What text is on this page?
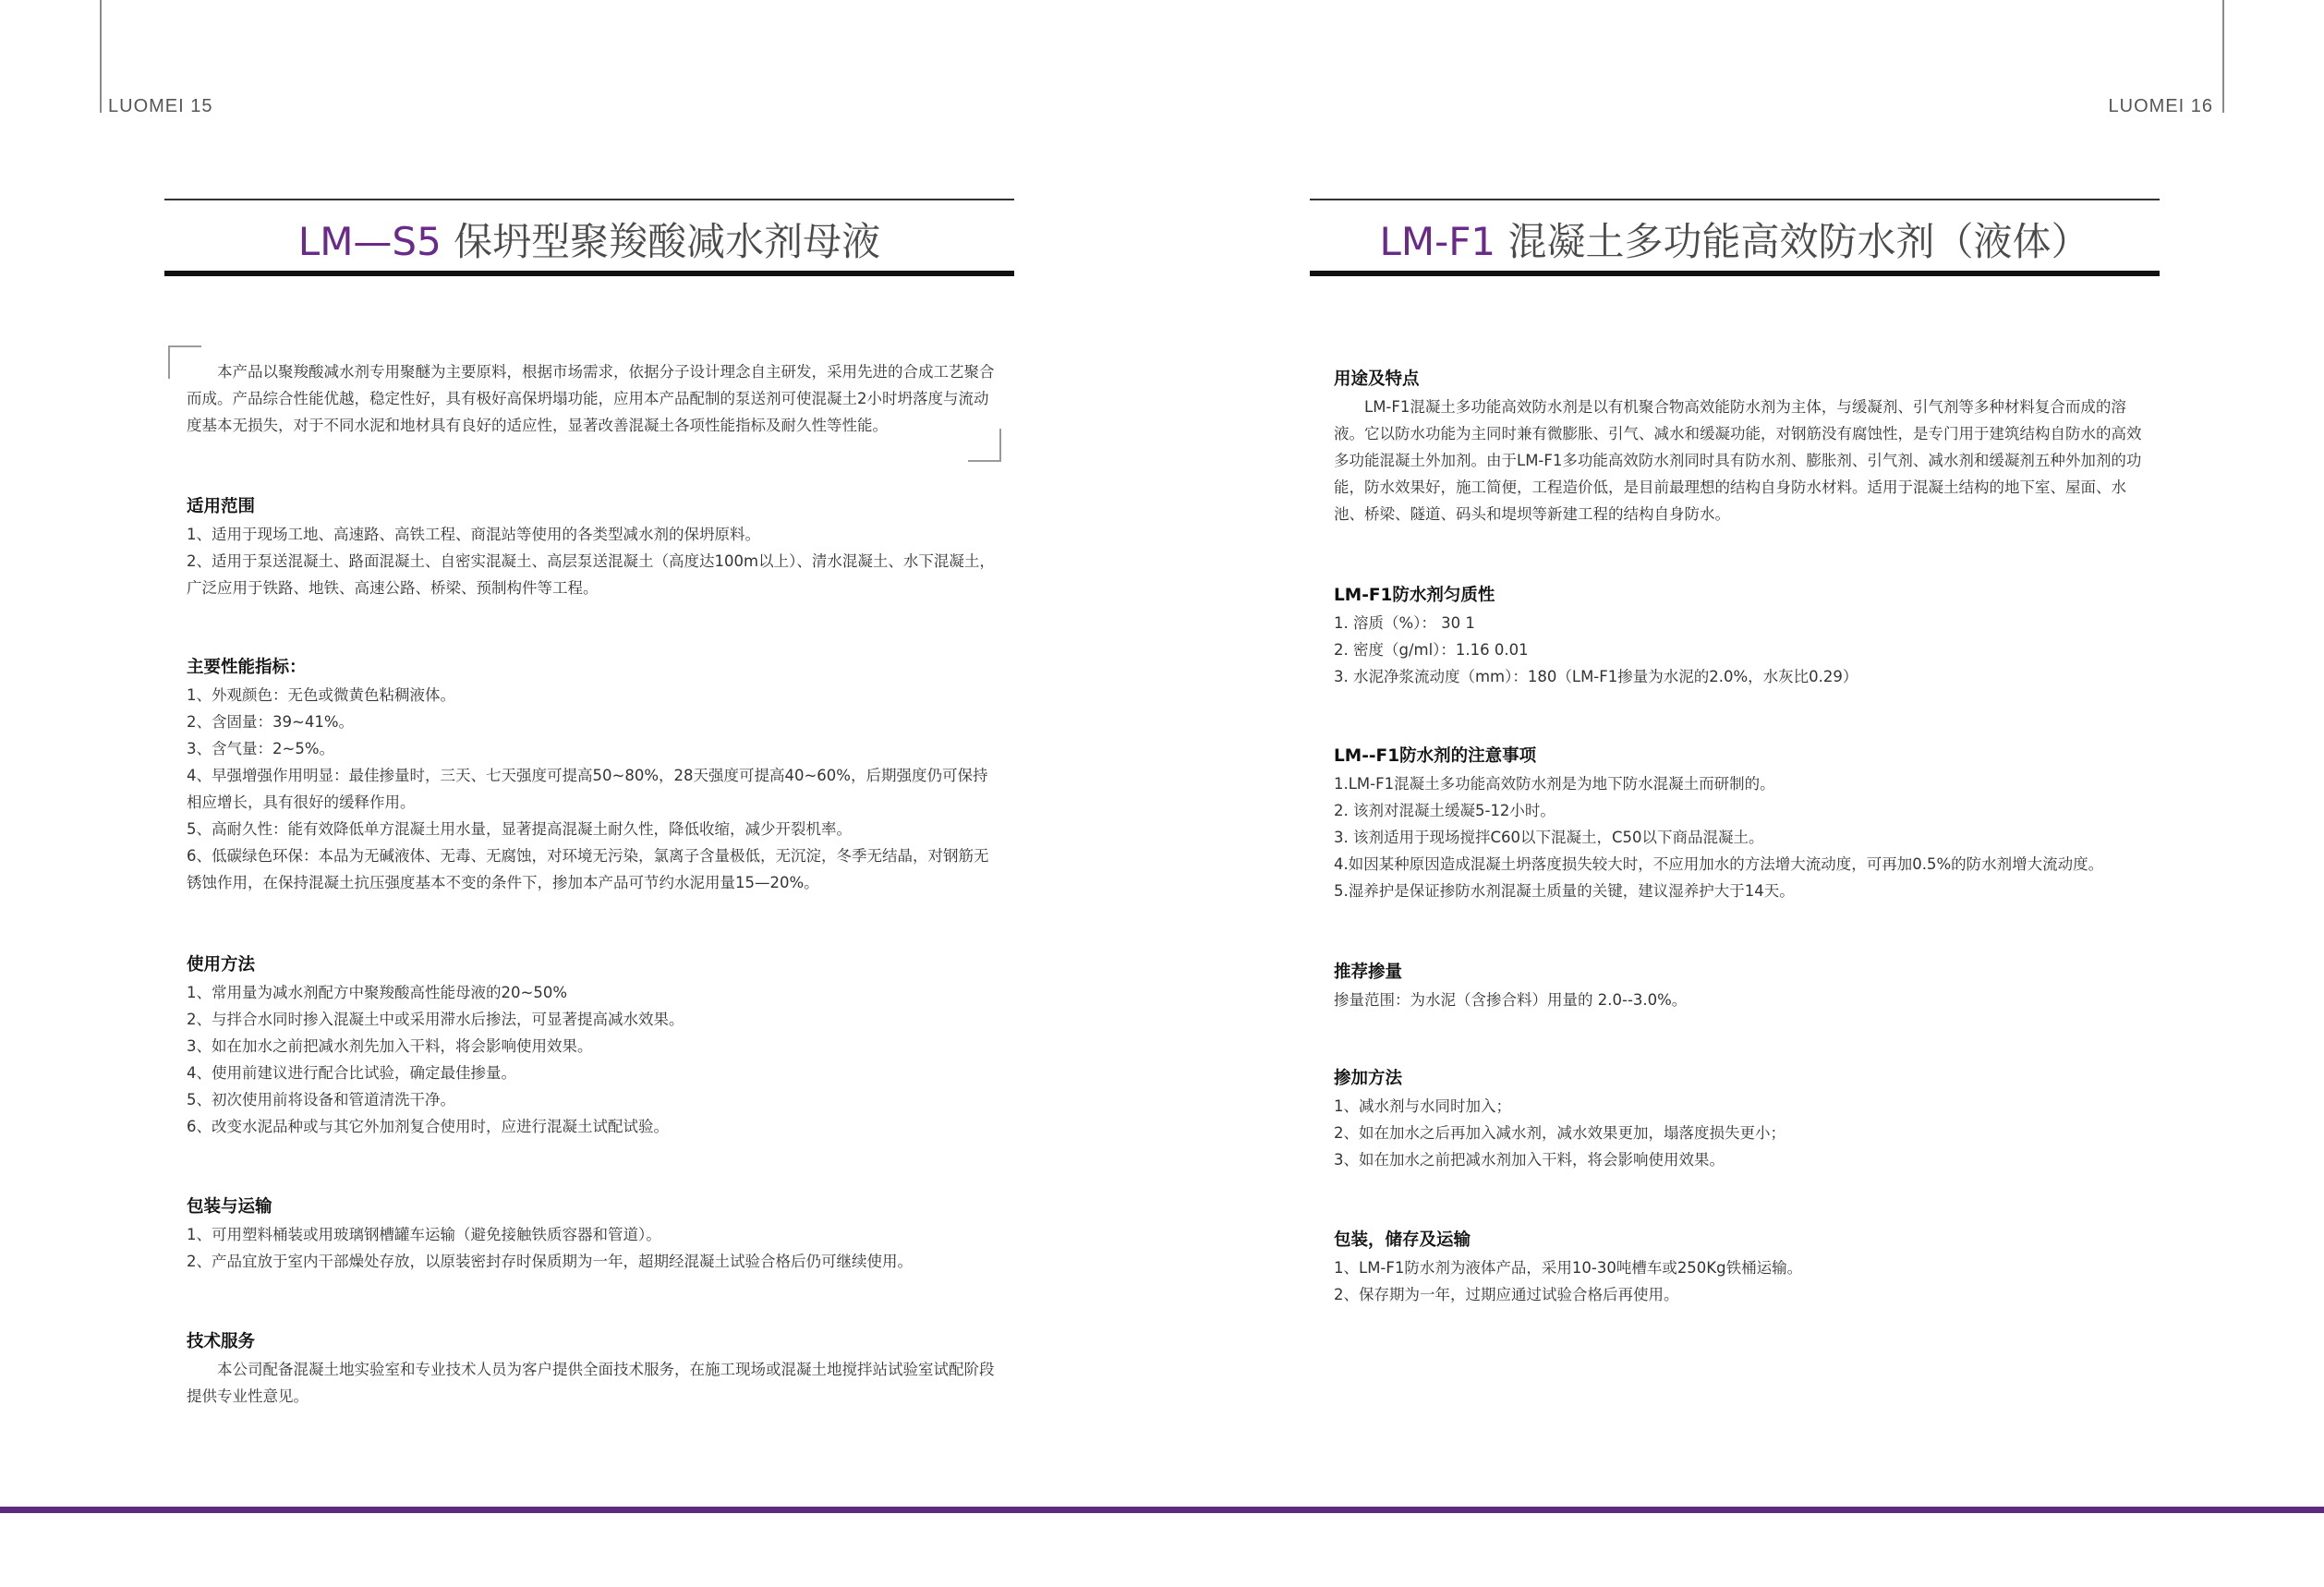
LUOMEI 15
LM—S5 保坍型聚羧酸减水剂母液
本产品以聚羧酸减水剂专用聚醚为主要原料，根据市场需求，依据分子设计理念自主研发，采用先进的合成工艺聚合而成。产品综合性能优越，稳定性好，具有极好高保坍塌功能，应用本产品配制的泵送剂可使混凝土2小时坍落度与流动度基本无损失，对于不同水泥和地材具有良好的适应性，显著改善混凝土各项性能指标及耐久性等性能。
适用范围

1、适用于现场工地、高速路、高铁工程、商混站等使用的各类型减水剂的保坍原料。

2、适用于泵送混凝土、路面混凝土、自密实混凝土、高层泵送混凝土（高度达100m以上）、清水混凝土、水下混凝土，广泛应用于铁路、地铁、高速公路、桥梁、预制构件等工程。

主要性能指标：

1、外观颜色：无色或微黄色粘稠液体。

2、含固量：39~41%。

3、含气量：2~5%。

4、早强增强作用明显：最佳掺量时，三天、七天强度可提高50~80%，28天强度可提高40~60%，后期强度仍可保持相应增长，具有很好的缓释作用。

5、高耐久性：能有效降低单方混凝土用水量，显著提高混凝土耐久性，降低收缩，减少开裂机率。

6、低碳绿色环保：本品为无碱液体、无毒、无腐蚀，对环境无污染，氯离子含量极低，无沉淀，冬季无结晶，对钢筋无锈蚀作用，在保持混凝土抗压强度基本不变的条件下，掺加本产品可节约水泥用量15—20%。

使用方法

1、常用量为减水剂配方中聚羧酸高性能母液的20~50%

2、与拌合水同时掺入混凝土中或采用滞水后掺法，可显著提高减水效果。

3、如在加水之前把减水剂先加入干料，将会影响使用效果。

4、使用前建议进行配合比试验，确定最佳掺量。

5、初次使用前将设备和管道清洗干净。

6、改变水泥品种或与其它外加剂复合使用时，应进行混凝土试配试验。

包装与运输

1、可用塑料桶装或用玻璃钢槽罐车运输（避免接触铁质容器和管道）。

2、产品宜放于室内干部燥处存放，以原装密封存时保质期为一年，超期经混凝土试验合格后仍可继续使用。

技术服务

本公司配备混凝土地实验室和专业技术人员为客户提供全面技术服务，在施工现场或混凝土地搅拌站试验室试配阶段提供专业性意见。

LUOMEI 16
LM-F1 混凝土多功能高效防水剂（液体）
用途及特点

LM-F1混凝土多功能高效防水剂是以有机聚合物高效能防水剂为主体，与缓凝剂、引气剂等多种材料复合而成的溶液。它以防水功能为主同时兼有微膨胀、引气、减水和缓凝功能，对钢筋没有腐蚀性，是专门用于建筑结构自防水的高效多功能混凝土外加剂。由于LM-F1多功能高效防水剂同时具有防水剂、膨胀剂、引气剂、减水剂和缓凝剂五种外加剂的功能，防水效果好，施工简便，工程造价低，是目前最理想的结构自身防水材料。适用于混凝土结构的地下室、屋面、水池、桥梁、隧道、码头和堤坝等新建工程的结构自身防水。

LM-F1防水剂匀质性

1. 溶质（%）： 30 1

2. 密度（g/ml）：1.16 0.01

3. 水泥净浆流动度（mm）：180（LM-F1掺量为水泥的2.0%，水灰比0.29）

LM--F1防水剂的注意事项

1.LM-F1混凝土多功能高效防水剂是为地下防水混凝土而研制的。

2. 该剂对混凝土缓凝5-12小时。

3. 该剂适用于现场搅拌C60以下混凝土，C50以下商品混凝土。

4.如因某种原因造成混凝土坍落度损失较大时，不应用加水的方法增大流动度，可再加0.5%的防水剂增大流动度。

5.湿养护是保证掺防水剂混凝土质量的关键，建议湿养护大于14天。

推荐掺量

掺量范围：为水泥（含掺合料）用量的 2.0--3.0%。

掺加方法

1、减水剂与水同时加入；

2、如在加水之后再加入减水剂，减水效果更加，塌落度损失更小；

3、如在加水之前把减水剂加入干料，将会影响使用效果。

包装，储存及运输

1、LM-F1防水剂为液体产品，采用10-30吨槽车或250Kg铁桶运输。

2、保存期为一年，过期应通过试验合格后再使用。
